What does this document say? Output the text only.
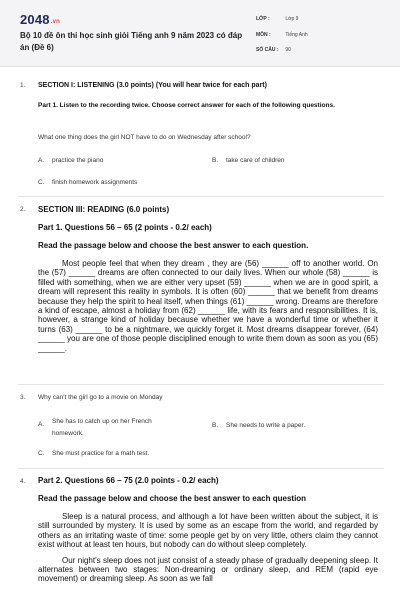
2048.vn
Bộ 10 đề ôn thi học sinh giỏi Tiếng anh 9 năm 2023 có đáp án (Đề 6)
LỚP :	Lớp 9
MÔN :	Tiếng Anh
SỐ CÂU : 90
1. SECTION I: LISTENING (3.0 points) (You will hear twice for each part)
Part 1. Listen to the recording twice. Choose correct answer for each of the following questions.
What one thing does the girl NOT have to do on Wednesday after school?
A. practice the piano	B. take care of children
C. finish homework assignments
2. SECTION III: READING (6.0 points)
Part 1. Questions 56 – 65 (2 points - 0.2/ each)
Read the passage below and choose the best answer to each question.

Most people feel that when they dream , they are (56) ______ off to another world. On the (57) ______ dreams are often connected to our daily lives. When our whole (58) ______ is filled with something, when we are either very upset (59) ______ when we are in good spirit, a dream will represent this reality in symbols. It is often (60) ______ that we benefit from dreams because they help the spirit to heal itself, when things (61) ______ wrong. Dreams are therefore a kind of escape, almost a holiday from (62) ______ life, with its fears and responsibilities. It is, however, a strange kind of holiday because whether we have a wonderful time or whether it turns (63) ______ to be a nightmare, we quickly forget it. Most dreams disappear forever, (64) ______ you are one of those people disciplined enough to write them down as soon as you (65) ______.

3. Why can't the girl go to a movie on Monday
A. She has to catch up on her French homework.
B. She needs to write a paper.
C. She must practice for a math test.
4. Part 2. Questions 66 – 75 (2.0 points - 0.2/ each)
Read the passage below and choose the best answer to each question

Sleep is a natural process, and although a lot have been written about the subject, it is still surrounded by mystery. It is used by some as an escape from the world, and regarded by others as an irritating waste of time: some people get by on very little, others claim they cannot exist without at least ten hours, but nobody can do without sleep completely.

Our night's sleep does not just consist of a steady phase of gradually deepening sleep. It alternates between two stages: Non-dreaming or ordinary sleep, and REM (rapid eye movement) or dreaming sleep. As soon as we fall
